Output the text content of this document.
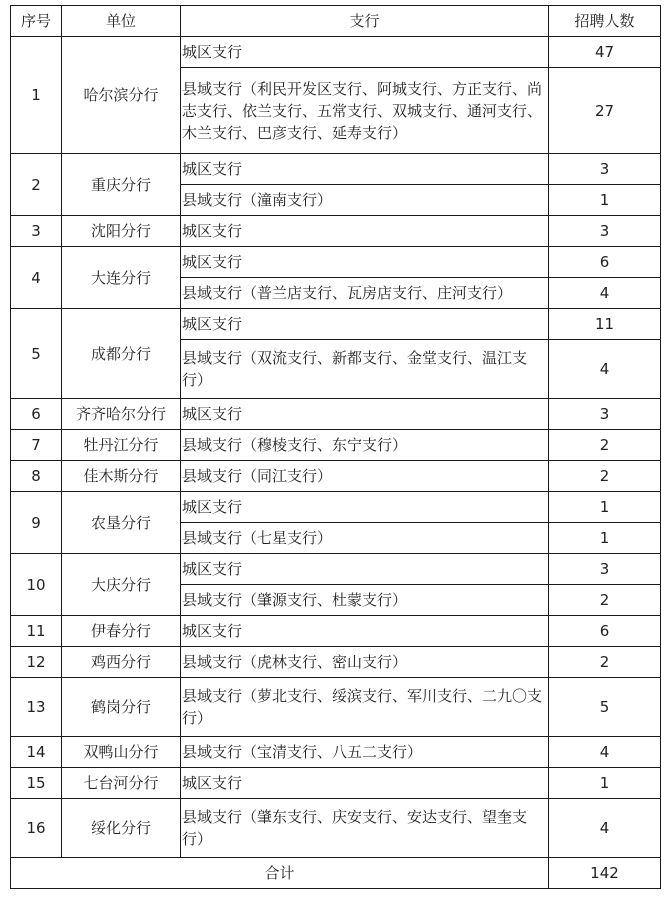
序号	单位	支行	招聘人数
1	哈尔滨分行	城区支行	47
		县域支行（利民开发区支行、阿城支行、方正支行、尚志支行、依兰支行、五常支行、双城支行、通河支行、木兰支行、巴彦支行、延寿支行）	27
2	重庆分行	城区支行	3
		县域支行（潼南支行）	1
3	沈阳分行	城区支行	3
4	大连分行	城区支行	6
		县域支行（普兰店支行、瓦房店支行、庄河支行）	4
5	成都分行	城区支行	11
		县域支行（双流支行、新都支行、金堂支行、温江支行）	4
6	齐齐哈尔分行	城区支行	3
7	牡丹江分行	县域支行（穆棱支行、东宁支行）	2
8	佳木斯分行	县域支行（同江支行）	2
9	农垦分行	城区支行	1
		县域支行（七星支行）	1
10	大庆分行	城区支行	3
		县域支行（肇源支行、杜蒙支行）	2
11	伊春分行	城区支行	6
12	鸡西分行	县域支行（虎林支行、密山支行）	2
13	鹤岗分行	县域支行（萝北支行、绥滨支行、军川支行、二九〇支行）	5
14	双鸭山分行	县域支行（宝清支行、八五二支行）	4
15	七台河分行	城区支行	1
16	绥化分行	县域支行（肇东支行、庆安支行、安达支行、望奎支行）	4
合计			142
